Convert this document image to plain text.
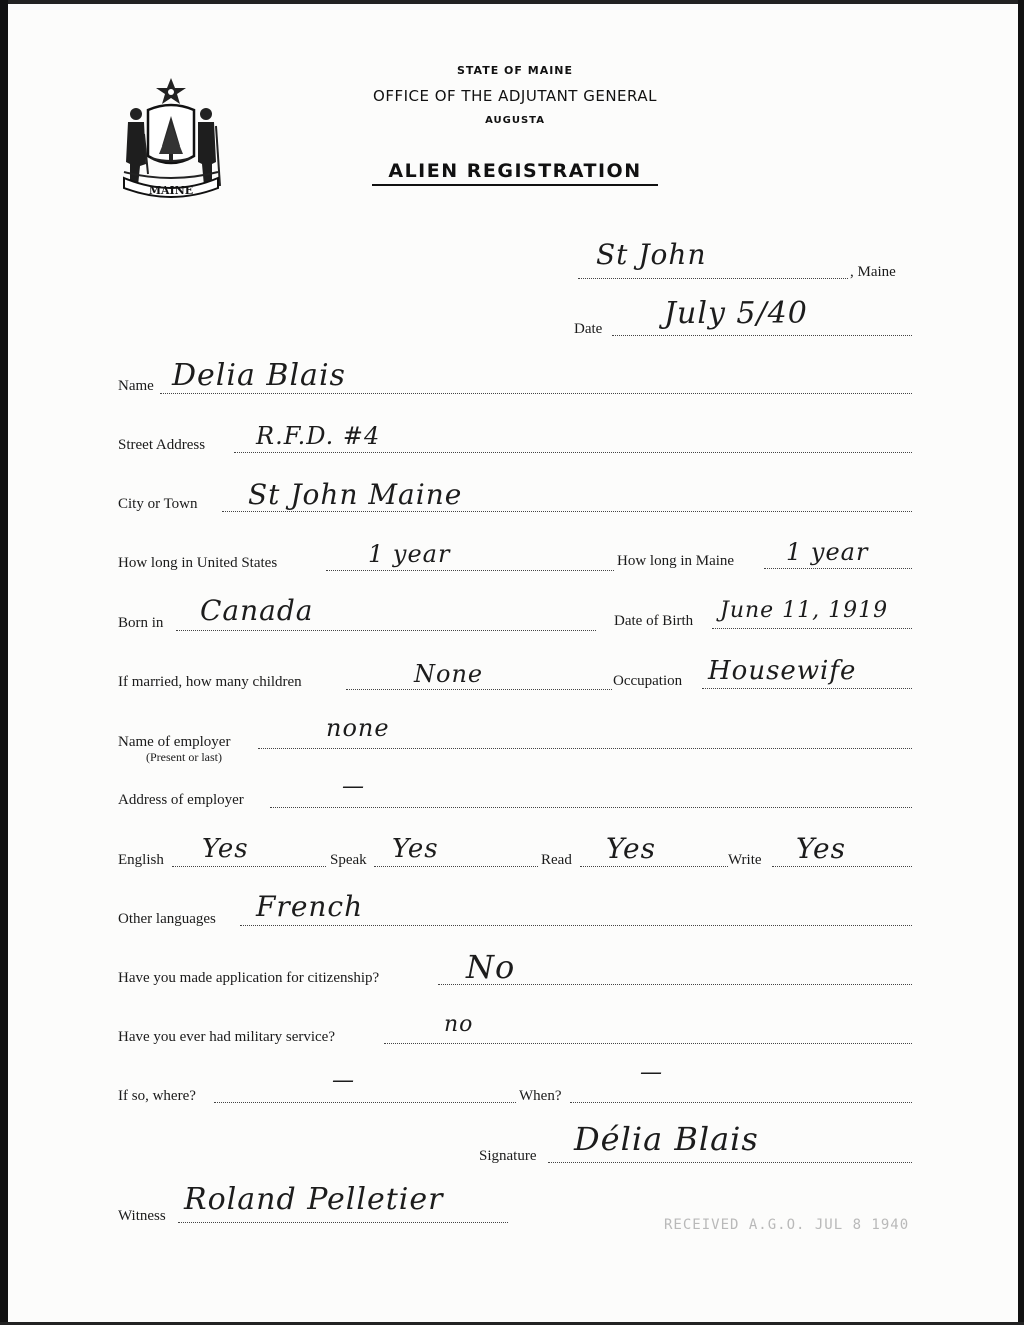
MAINE
STATE OF MAINE
OFFICE OF THE ADJUTANT GENERAL
AUGUSTA
ALIEN REGISTRATION
St John
, Maine
Date July 5/40
Name Delia Blais
Street Address R.F.D. #4
City or Town St John Maine
How long in United States	1 year	How long in Maine 1 year
Born in Canada	Date of Birth June 11, 1919
If married, how many children	None	Occupation Housewife
Name of employer
(Present or last)
none
Address of employer
—
English Yes	Speak Yes	Read Yes	Write Yes
Other languages French
Have you made application for citizenship?	No
Have you ever had military service?	no
If so, where?
—
When?
—
Signature Délia Blais
Witness Roland Pelletier
RECEIVED A.G.O. JUL 8 1940
